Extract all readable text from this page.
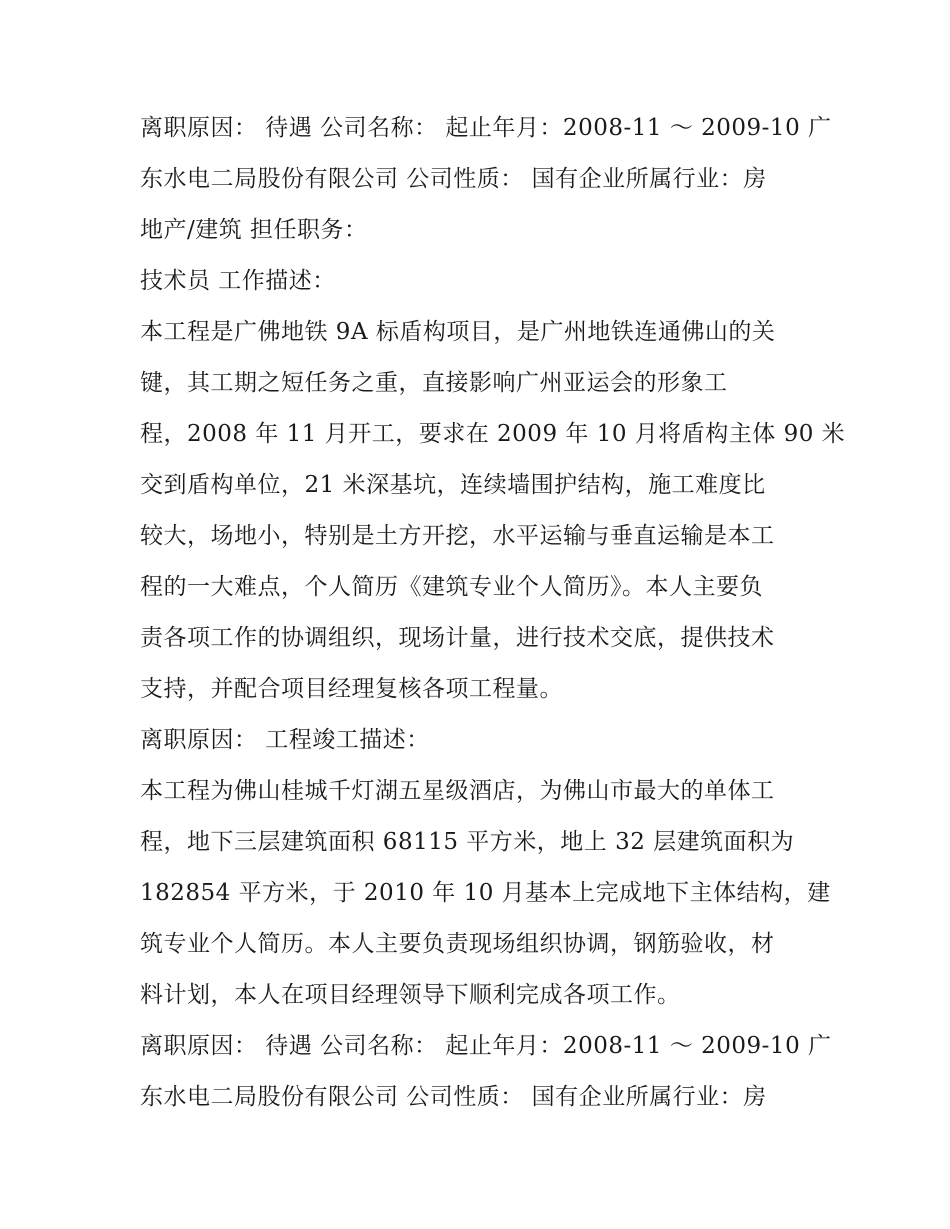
离职原因： 待遇 公司名称： 起止年月：2008-11 ～ 2009-10 广
东水电二局股份有限公司 公司性质： 国有企业所属行业：房
地产/建筑 担任职务：
技术员 工作描述：
本工程是广佛地铁 9A 标盾构项目，是广州地铁连通佛山的关
键，其工期之短任务之重，直接影响广州亚运会的形象工
程，2008 年 11 月开工，要求在 2009 年 10 月将盾构主体 90 米
交到盾构单位，21 米深基坑，连续墙围护结构，施工难度比
较大，场地小，特别是土方开挖，水平运输与垂直运输是本工
程的一大难点，个人简历《建筑专业个人简历》。本人主要负
责各项工作的协调组织，现场计量，进行技术交底，提供技术
支持，并配合项目经理复核各项工程量。
离职原因： 工程竣工描述：
本工程为佛山桂城千灯湖五星级酒店，为佛山市最大的单体工
程，地下三层建筑面积 68115 平方米，地上 32 层建筑面积为
182854 平方米，于 2010 年 10 月基本上完成地下主体结构，建
筑专业个人简历。本人主要负责现场组织协调，钢筋验收，材
料计划，本人在项目经理领导下顺利完成各项工作。
离职原因： 待遇 公司名称： 起止年月：2008-11 ～ 2009-10 广
东水电二局股份有限公司 公司性质： 国有企业所属行业：房
